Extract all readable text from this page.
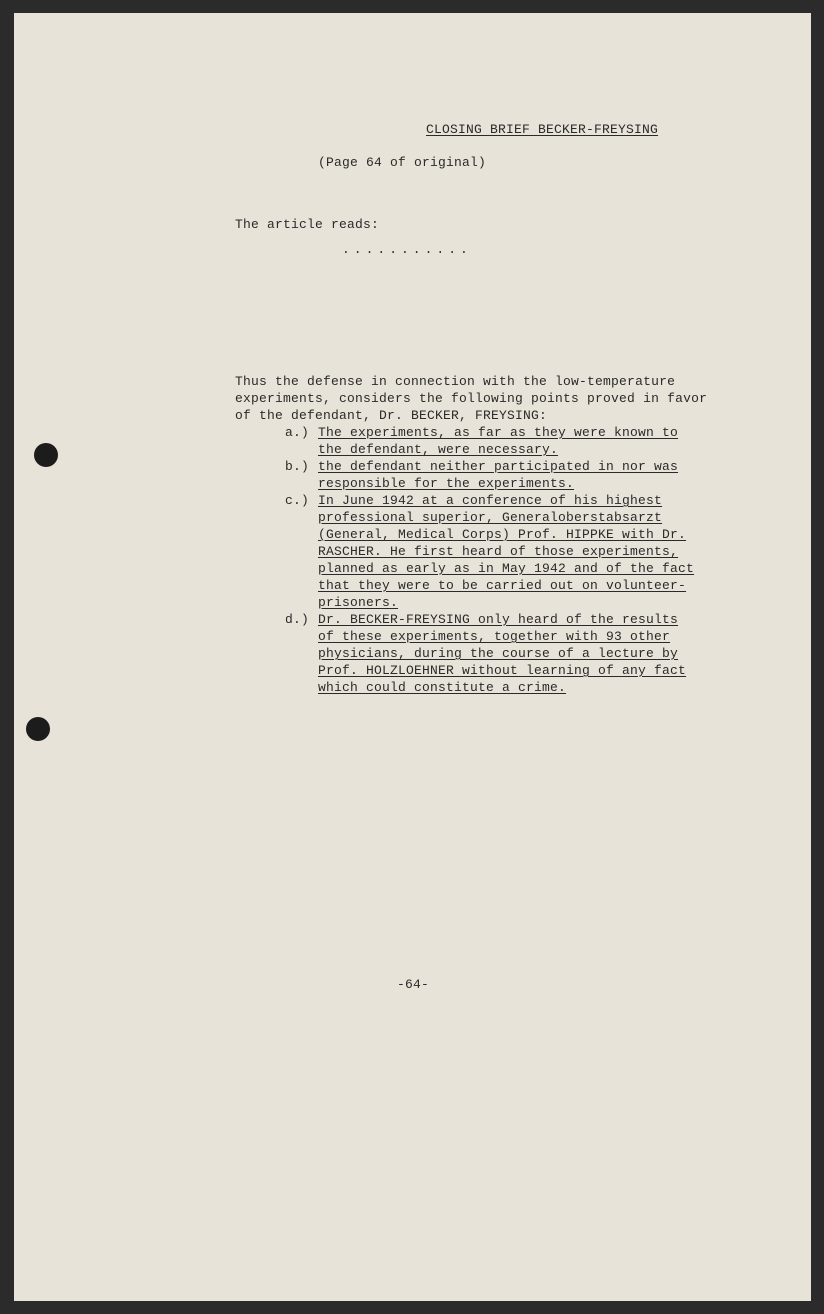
CLOSING BRIEF BECKER-FREYSING

(Page 64 of original)

The article reads:

...........

Thus the defense in connection with the low-temperature

experiments, considers the following points proved in favor

of the defendant, Dr. BECKER, FREYSING:

a.) The experiments, as far as they were known to

the defendant, were necessary.

b.) the defendant neither participated in nor was

responsible for the experiments.

c.) In June 1942 at a conference of his highest

professional superior, Generaloberstabsarzt

(General, Medical Corps) Prof. HIPPKE with Dr.

RASCHER. He first heard of those experiments,

planned as early as in May 1942 and of the fact

that they were to be carried out on volunteer-

prisoners.

d.) Dr. BECKER-FREYSING only heard of the results

of these experiments, together with 93 other

physicians, during the course of a lecture by

Prof. HOLZLOEHNER without learning of any fact

which could constitute a crime.

-64-
